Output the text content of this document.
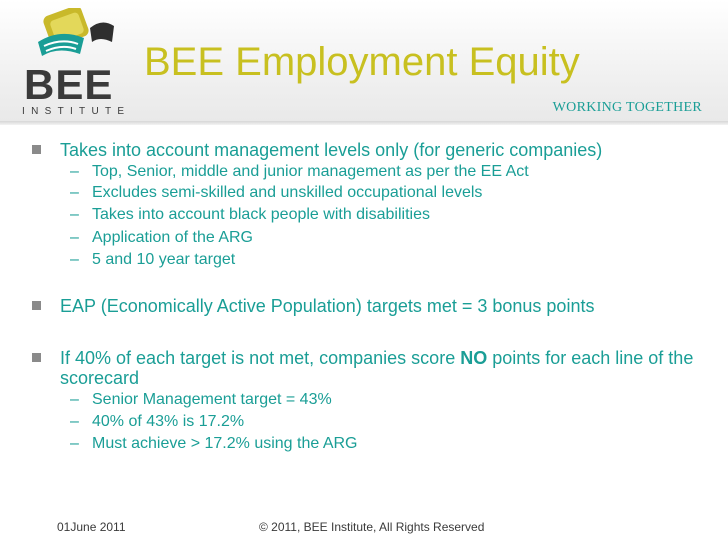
BEE
INSTITUTE
BEE Employment Equity
WORKING TOGETHER
Takes into account management levels only (for generic companies)
– Top, Senior, middle and junior management as per the EE Act
– Excludes semi-skilled and unskilled occupational levels
– Takes into account black people with disabilities
– Application of the ARG
– 5 and 10 year target
EAP (Economically Active Population) targets met = 3 bonus points
If 40% of each target is not met, companies score NO points for each line of the scorecard
– Senior Management target = 43%
– 40% of 43% is 17.2%
– Must achieve > 17.2% using the ARG
01June 2011	© 2011, BEE Institute, All Rights Reserved
